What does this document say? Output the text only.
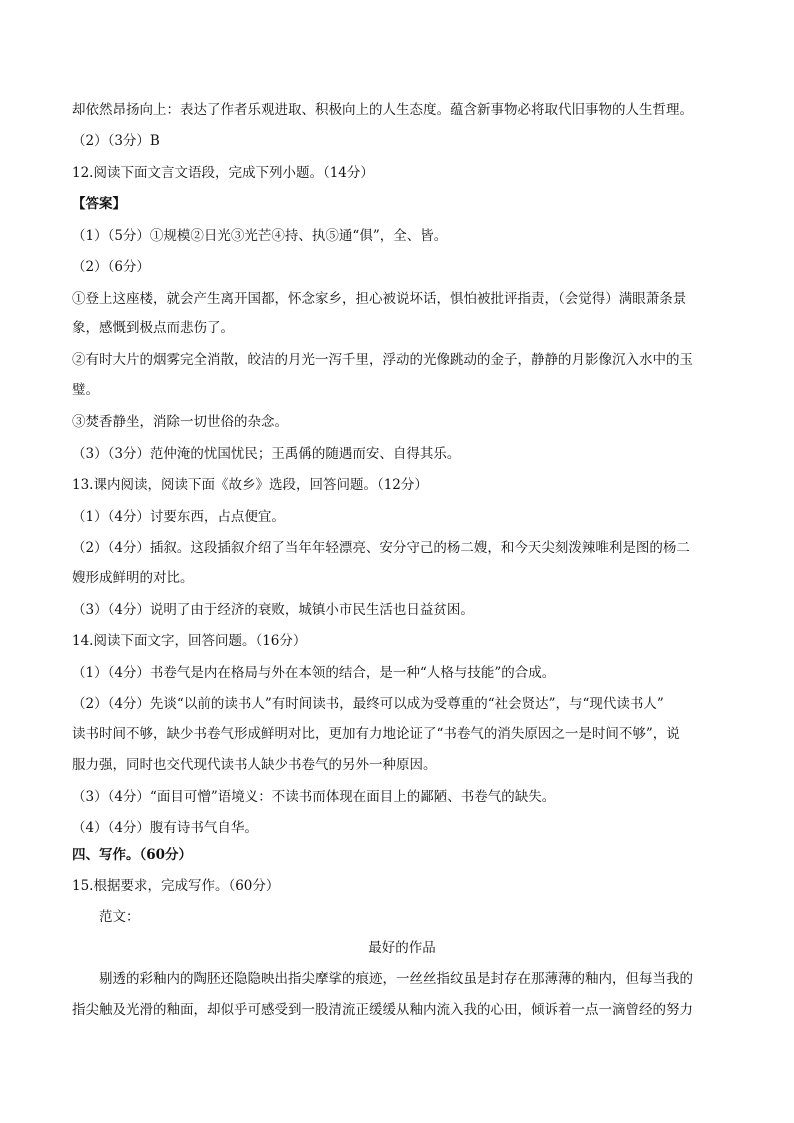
却依然昂扬向上：表达了作者乐观进取、积极向上的人生态度。蕴含新事物必将取代旧事物的人生哲理。
（2）（3分）B
12.阅读下面文言文语段，完成下列小题。（14分）
【答案】
（1）（5分）①规模②日光③光芒④持、执⑤通“俱”，全、皆。
（2）（6分）
①登上这座楼，就会产生离开国都，怀念家乡，担心被说坏话，惧怕被批评指责，（会觉得）满眼萧条景
象，感慨到极点而悲伤了。
②有时大片的烟雾完全消散，皎洁的月光一泻千里，浮动的光像跳动的金子，静静的月影像沉入水中的玉
璧。
③焚香静坐，消除一切世俗的杂念。
（3）（3分）范仲淹的忧国忧民；王禹偁的随遇而安、自得其乐。
13.课内阅读，阅读下面《故乡》选段，回答问题。（12分）
（1）（4分）讨要东西，占点便宜。
（2）（4分）插叙。这段插叙介绍了当年年轻漂亮、安分守己的杨二嫂，和今天尖刻泼辣唯利是图的杨二
嫂形成鲜明的对比。
（3）（4分）说明了由于经济的衰败，城镇小市民生活也日益贫困。
14.阅读下面文字，回答问题。（16分）
（1）（4分）书卷气是内在格局与外在本领的结合，是一种“人格与技能”的合成。
（2）（4分）先谈“以前的读书人”有时间读书，最终可以成为受尊重的“社会贤达”，与“现代读书人”
读书时间不够，缺少书卷气形成鲜明对比，更加有力地论证了“书卷气的消失原因之一是时间不够”，说
服力强，同时也交代现代读书人缺少书卷气的另外一种原因。
（3）（4分）“面目可憎”语境义：不读书而体现在面目上的鄙陋、书卷气的缺失。
（4）（4分）腹有诗书气自华。
四、写作。（60分）
15.根据要求，完成写作。（60分）
　　范文：
最好的作品
　　剔透的彩釉内的陶胚还隐隐映出指尖摩挲的痕迹，一丝丝指纹虽是封存在那薄薄的釉内，但每当我的
指尖触及光滑的釉面，却似乎可感受到一股清流正缓缓从釉内流入我的心田，倾诉着一点一滴曾经的努力
